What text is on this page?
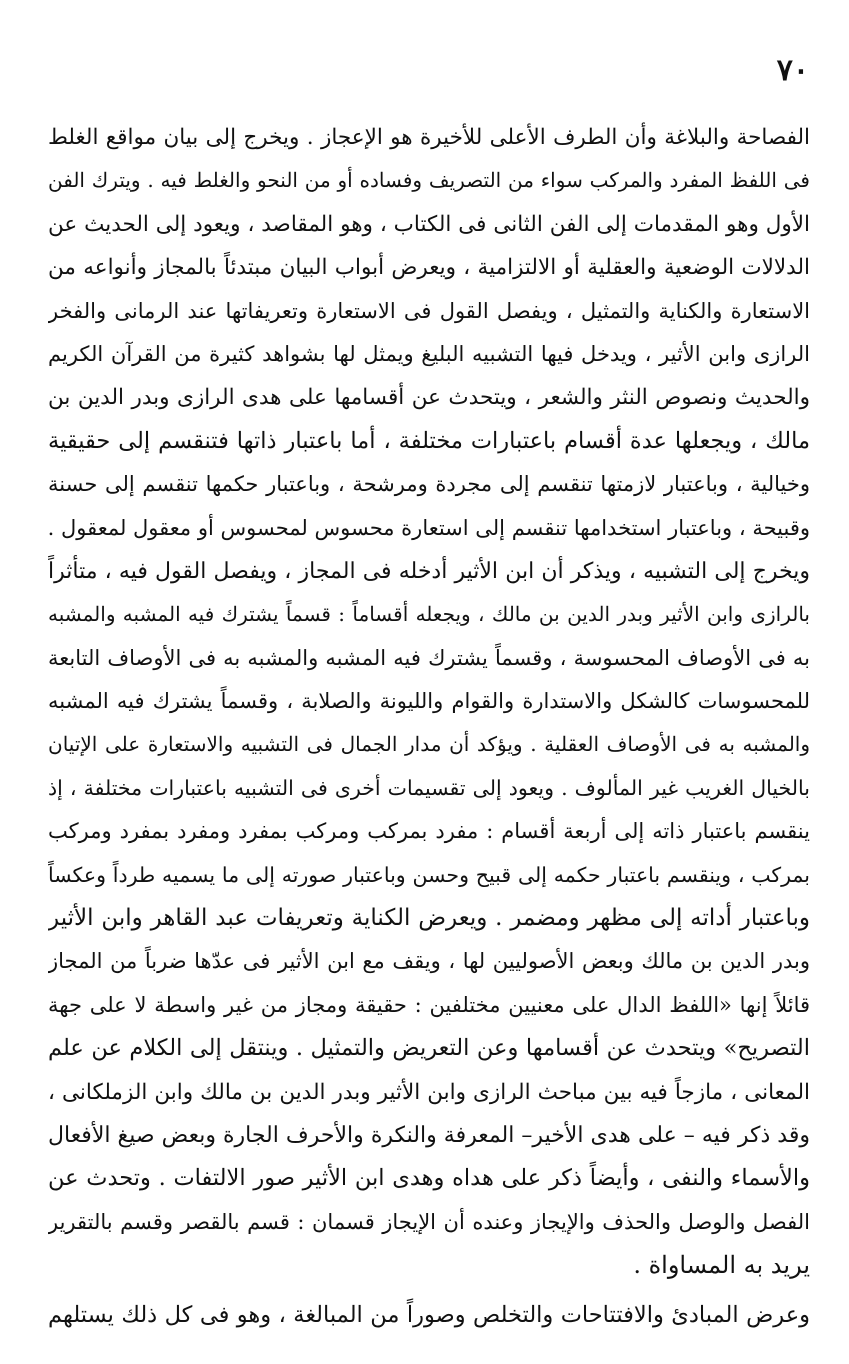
٧٠
الفصاحة والبلاغة وأن الطرف الأعلى للأخيرة هو الإعجاز . ويخرج إلى بيان مواقع الغلط
فى اللفظ المفرد والمركب سواء من التصريف وفساده أو من النحو والغلط فيه . ويترك الفن
الأول وهو المقدمات إلى الفن الثانى فى الكتاب ، وهو المقاصد ، ويعود إلى الحديث عن
الدلالات الوضعية والعقلية أو الالتزامية ، ويعرض أبواب البيان مبتدئاً بالمجاز وأنواعه من
الاستعارة والكناية والتمثيل ، ويفصل القول فى الاستعارة وتعريفاتها عند الرمانى والفخر
الرازى وابن الأثير ، ويدخل فيها التشبيه البليغ ويمثل لها بشواهد كثيرة من القرآن الكريم
والحديث ونصوص النثر والشعر ، ويتحدث عن أقسامها على هدى الرازى وبدر الدين بن
مالك ، ويجعلها عدة أقسام باعتبارات مختلفة ، أما باعتبار ذاتها فتنقسم إلى حقيقية
وخيالية ، وباعتبار لازمتها تنقسم إلى مجردة ومرشحة ، وباعتبار حكمها تنقسم إلى حسنة
وقبيحة ، وباعتبار استخدامها تنقسم إلى استعارة محسوس لمحسوس أو معقول لمعقول .
ويخرج إلى التشبيه ، ويذكر أن ابن الأثير أدخله فى المجاز ، ويفصل القول فيه ، متأثراً
بالرازى وابن الأثير وبدر الدين بن مالك ، ويجعله أقساماً : قسماً يشترك فيه المشبه والمشبه
به فى الأوصاف المحسوسة ، وقسماً يشترك فيه المشبه والمشبه به فى الأوصاف التابعة
للمحسوسات كالشكل والاستدارة والقوام والليونة والصلابة ، وقسماً يشترك فيه المشبه
والمشبه به فى الأوصاف العقلية . ويؤكد أن مدار الجمال فى التشبيه والاستعارة على الإتيان
بالخيال الغريب غير المألوف . ويعود إلى تقسيمات أخرى فى التشبيه باعتبارات مختلفة ، إذ
ينقسم باعتبار ذاته إلى أربعة أقسام : مفرد بمركب ومركب بمفرد ومفرد بمفرد ومركب
بمركب ، وينقسم باعتبار حكمه إلى قبيح وحسن وباعتبار صورته إلى ما يسميه طرداً وعكساً
وباعتبار أداته إلى مظهر ومضمر . ويعرض الكناية وتعريفات عبد القاهر وابن الأثير
وبدر الدين بن مالك وبعض الأصوليين لها ، ويقف مع ابن الأثير فى عدّها ضرباً من المجاز
قائلاً إنها «اللفظ الدال على معنيين مختلفين : حقيقة ومجاز من غير واسطة لا على جهة
التصريح» ويتحدث عن أقسامها وعن التعريض والتمثيل . وينتقل إلى الكلام عن علم
المعانى ، مازجاً فيه بين مباحث الرازى وابن الأثير وبدر الدين بن مالك وابن الزملكانى ،
وقد ذكر فيه – على هدى الأخير– المعرفة والنكرة والأحرف الجارة وبعض صيغ الأفعال
والأسماء والنفى ، وأيضاً ذكر على هداه وهدى ابن الأثير صور الالتفات . وتحدث عن
الفصل والوصل والحذف والإيجاز وعنده أن الإيجاز قسمان : قسم بالقصر وقسم بالتقرير
يريد به المساواة .
وعرض المبادئ والافتتاحات والتخلص وصوراً من المبالغة ، وهو فى كل ذلك يستلهم
